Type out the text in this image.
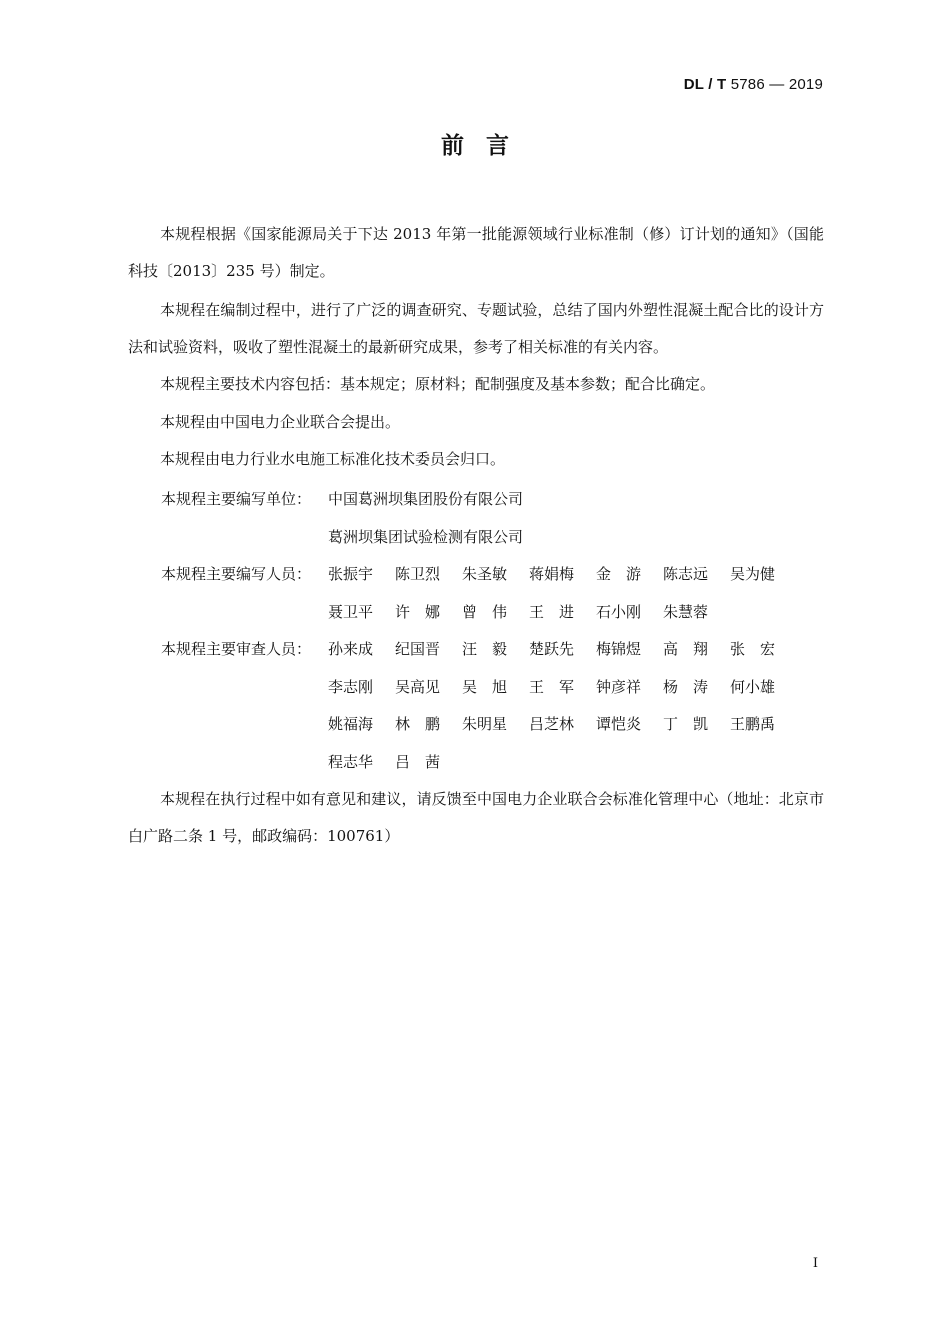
DL / T 5786 — 2019
前言
本规程根据《国家能源局关于下达 2013 年第一批能源领域行业标准制（修）订计划的通知》（国能科技〔2013〕235 号）制定。
本规程在编制过程中，进行了广泛的调查研究、专题试验，总结了国内外塑性混凝土配合比的设计方法和试验资料，吸收了塑性混凝土的最新研究成果，参考了相关标准的有关内容。
本规程主要技术内容包括：基本规定；原材料；配制强度及基本参数；配合比确定。
本规程由中国电力企业联合会提出。
本规程由电力行业水电施工标准化技术委员会归口。
本规程主要编写单位： 中国葛洲坝集团股份有限公司
葛洲坝集团试验检测有限公司
本规程主要编写人员： 张振宇 陈卫烈 朱圣敏 蒋娟梅 金　游 陈志远 吴为健
聂卫平 许　娜 曾　伟 王　进 石小刚 朱慧蓉
本规程主要审查人员： 孙来成 纪国晋 汪　毅 楚跃先 梅锦煜 高　翔 张　宏
李志刚 吴高见 吴　旭 王　军 钟彦祥 杨　涛 何小雄
姚福海 林　鹏 朱明星 吕芝林 谭恺炎 丁　凯 王鹏禹
程志华 吕　茜
本规程在执行过程中如有意见和建议，请反馈至中国电力企业联合会标准化管理中心（地址：北京市白广路二条 1 号，邮政编码：100761）
I
